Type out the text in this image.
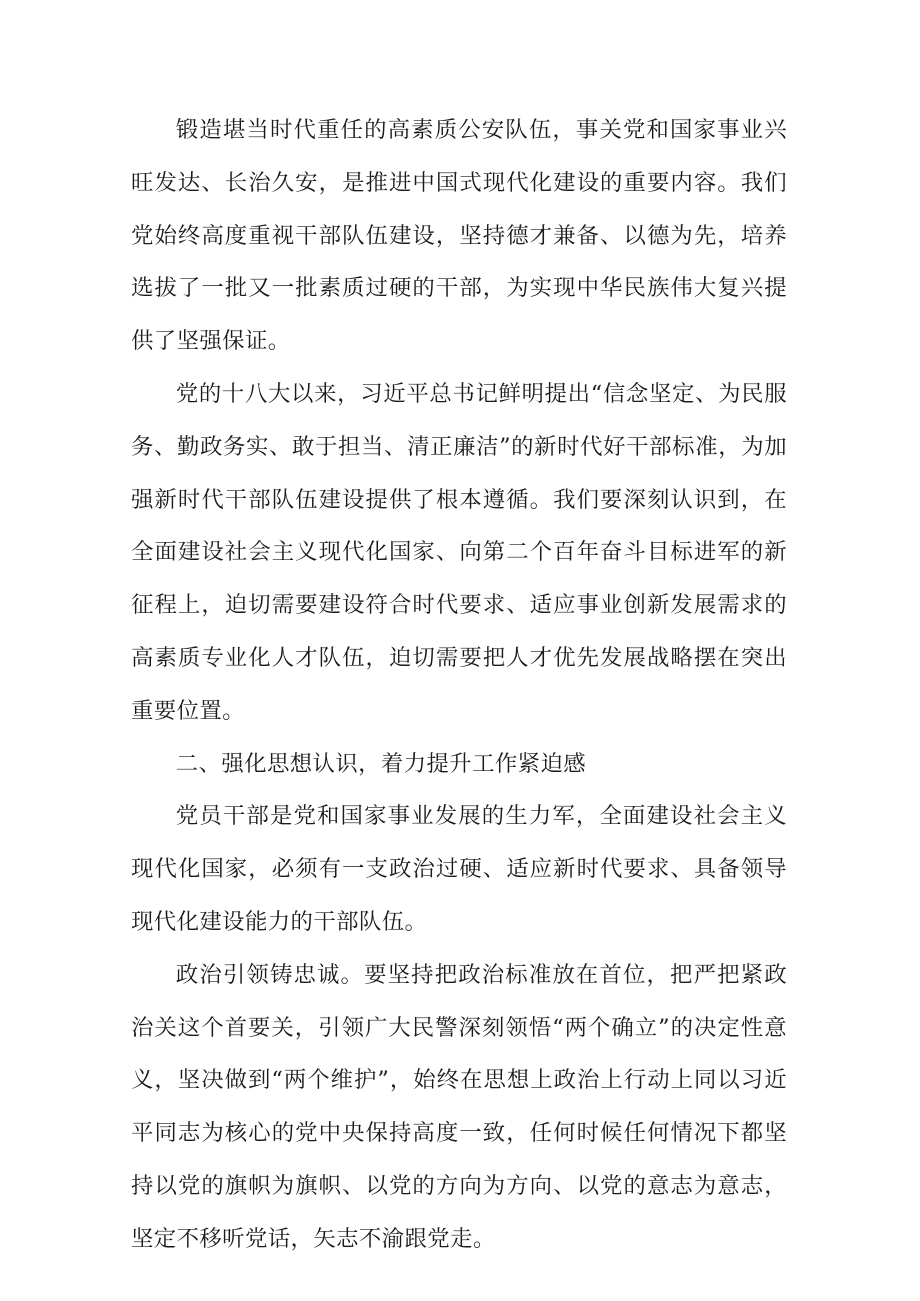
锻造堪当时代重任的高素质公安队伍，事关党和国家事业兴旺发达、长治久安，是推进中国式现代化建设的重要内容。我们党始终高度重视干部队伍建设，坚持德才兼备、以德为先，培养选拔了一批又一批素质过硬的干部，为实现中华民族伟大复兴提供了坚强保证。

党的十八大以来，习近平总书记鲜明提出“信念坚定、为民服务、勤政务实、敢于担当、清正廉洁”的新时代好干部标准，为加强新时代干部队伍建设提供了根本遵循。我们要深刻认识到，在全面建设社会主义现代化国家、向第二个百年奋斗目标进军的新征程上，迫切需要建设符合时代要求、适应事业创新发展需求的高素质专业化人才队伍，迫切需要把人才优先发展战略摆在突出重要位置。

二、强化思想认识，着力提升工作紧迫感

党员干部是党和国家事业发展的生力军，全面建设社会主义现代化国家，必须有一支政治过硬、适应新时代要求、具备领导现代化建设能力的干部队伍。

政治引领铸忠诚。要坚持把政治标准放在首位，把严把紧政治关这个首要关，引领广大民警深刻领悟“两个确立”的决定性意义，坚决做到“两个维护”，始终在思想上政治上行动上同以习近平同志为核心的党中央保持高度一致，任何时候任何情况下都坚持以党的旗帜为旗帜、以党的方向为方向、以党的意志为意志，坚定不移听党话，矢志不渝跟党走。
